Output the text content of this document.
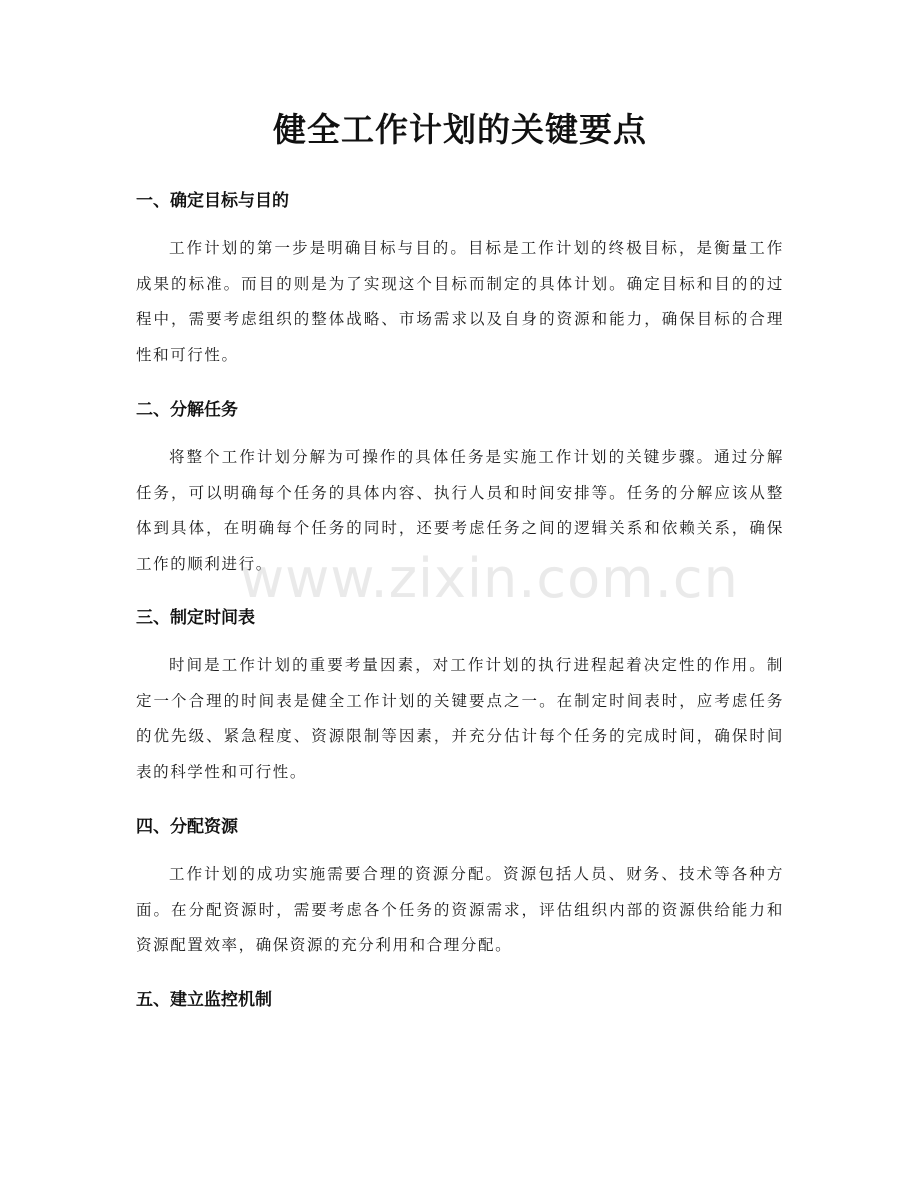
健全工作计划的关键要点
一、确定目标与目的

工作计划的第一步是明确目标与目的。目标是工作计划的终极目标，是衡量工作成果的标准。而目的则是为了实现这个目标而制定的具体计划。确定目标和目的的过程中，需要考虑组织的整体战略、市场需求以及自身的资源和能力，确保目标的合理性和可行性。

二、分解任务

将整个工作计划分解为可操作的具体任务是实施工作计划的关键步骤。通过分解任务，可以明确每个任务的具体内容、执行人员和时间安排等。任务的分解应该从整体到具体，在明确每个任务的同时，还要考虑任务之间的逻辑关系和依赖关系，确保工作的顺利进行。

三、制定时间表

时间是工作计划的重要考量因素，对工作计划的执行进程起着决定性的作用。制定一个合理的时间表是健全工作计划的关键要点之一。在制定时间表时，应考虑任务的优先级、紧急程度、资源限制等因素，并充分估计每个任务的完成时间，确保时间表的科学性和可行性。

四、分配资源

工作计划的成功实施需要合理的资源分配。资源包括人员、财务、技术等各种方面。在分配资源时，需要考虑各个任务的资源需求，评估组织内部的资源供给能力和资源配置效率，确保资源的充分利用和合理分配。

五、建立监控机制
www.zixin.com.cn
